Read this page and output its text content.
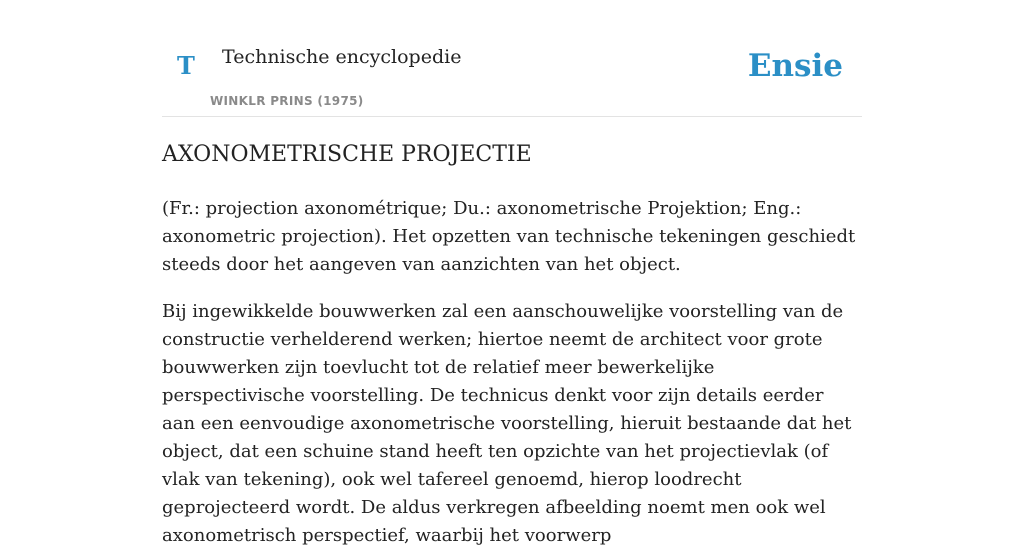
T Technische encyclopedie
WINKLR PRINS (1975)
Ensie
AXONOMETRISCHE PROJECTIE

(Fr.: projection axonométrique; Du.: axonometrische Projektion; Eng.: axonometric projection). Het opzetten van technische tekeningen geschiedt steeds door het aangeven van aanzichten van het object.

Bij ingewikkelde bouwwerken zal een aanschouwelijke voorstelling van de constructie verhelderend werken; hiertoe neemt de architect voor grote bouwwerken zijn toevlucht tot de relatief meer bewerkelijke perspectivische voorstelling. De technicus denkt voor zijn details eerder aan een eenvoudige axonometrische voorstelling, hieruit bestaande dat het object, dat een schuine stand heeft ten opzichte van het projectievlak (of vlak van tekening), ook wel tafereel genoemd, hierop loodrecht geprojecteerd wordt. De aldus verkregen afbeelding noemt men ook wel axonometrisch perspectief, waarbij het voorwerp
